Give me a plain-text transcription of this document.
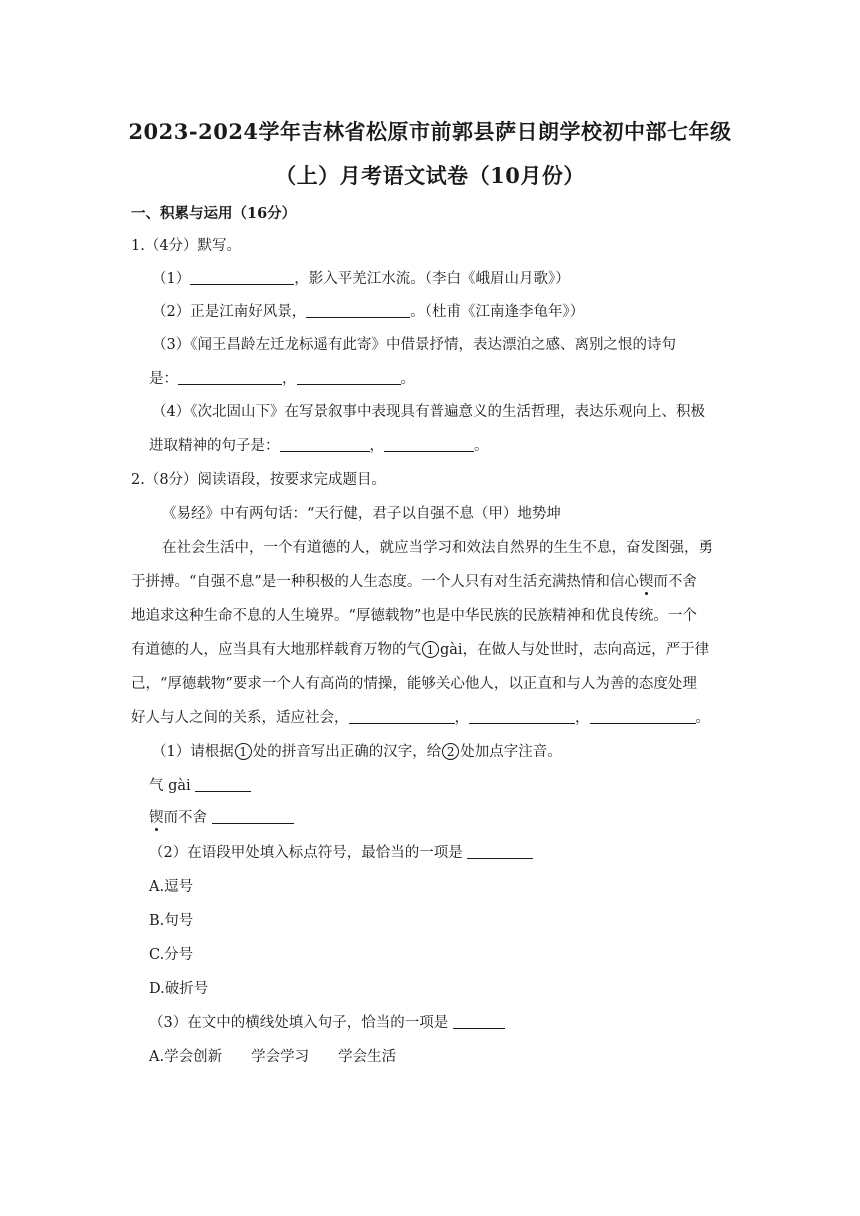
2023-2024学年吉林省松原市前郭县萨日朗学校初中部七年级
（上）月考语文试卷（10月份）
一、积累与运用（16分）
1.（4分）默写。
（1）	，影入平羌江水流。（李白《峨眉山月歌》）
（2）正是江南好风景，	。（杜甫《江南逢李龟年》）
（3）《闻王昌龄左迁龙标遥有此寄》中借景抒情，表达漂泊之感、离别之恨的诗句
是：	，	。
（4）《次北固山下》在写景叙事中表现具有普遍意义的生活哲理，表达乐观向上、积极
进取精神的句子是：	，	。
2.（8分）阅读语段，按要求完成题目。
《易经》中有两句话：“天行健，君子以自强不息（甲）地势坤
在社会生活中，一个有道德的人，就应当学习和效法自然界的生生不息，奋发图强，勇
于拼搏。“自强不息”是一种积极的人生态度。一个人只有对生活充满热情和信心锲而不舍
地追求这种生命不息的人生境界。“厚德载物”也是中华民族的民族精神和优良传统。一个
有道德的人，应当具有大地那样载育万物的气 1 gài，在做人与处世时，志向高远，严于律
己，“厚德载物”要求一个人有高尚的情操，能够关心他人，以正直和与人为善的态度处理
好人与人之间的关系，适应社会，	，	，	。
（1）请根据 1 处的拼音写出正确的汉字，给 2 处加点字注音。
气 gài
锲而不舍
（2）在语段甲处填入标点符号，最恰当的一项是
A.逗号
B.句号
C.分号
D.破折号
（3）在文中的横线处填入句子，恰当的一项是
A.学会创新　　学会学习　　学会生活
